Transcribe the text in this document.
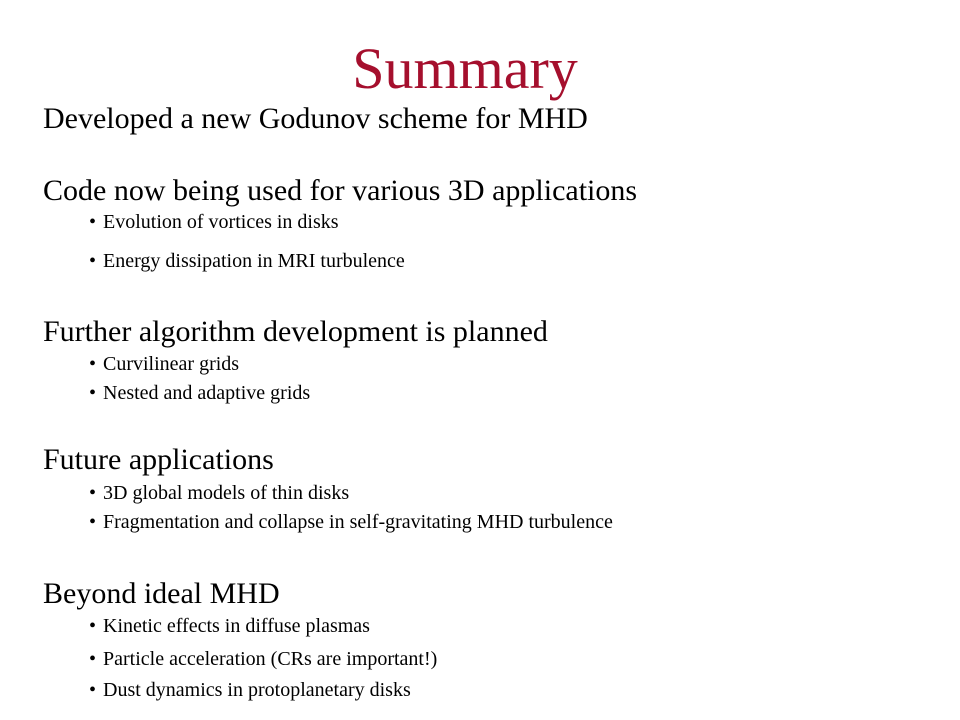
Summary
Developed a new Godunov scheme for MHD
Code now being used for various 3D applications
• Evolution of vortices in disks
• Energy dissipation in MRI turbulence
Further algorithm development is planned
• Curvilinear grids
• Nested and adaptive grids
Future applications
• 3D global models of thin disks
• Fragmentation and collapse in self-gravitating MHD turbulence
Beyond ideal MHD
• Kinetic effects in diffuse plasmas
• Particle acceleration (CRs are important!)
• Dust dynamics in protoplanetary disks
